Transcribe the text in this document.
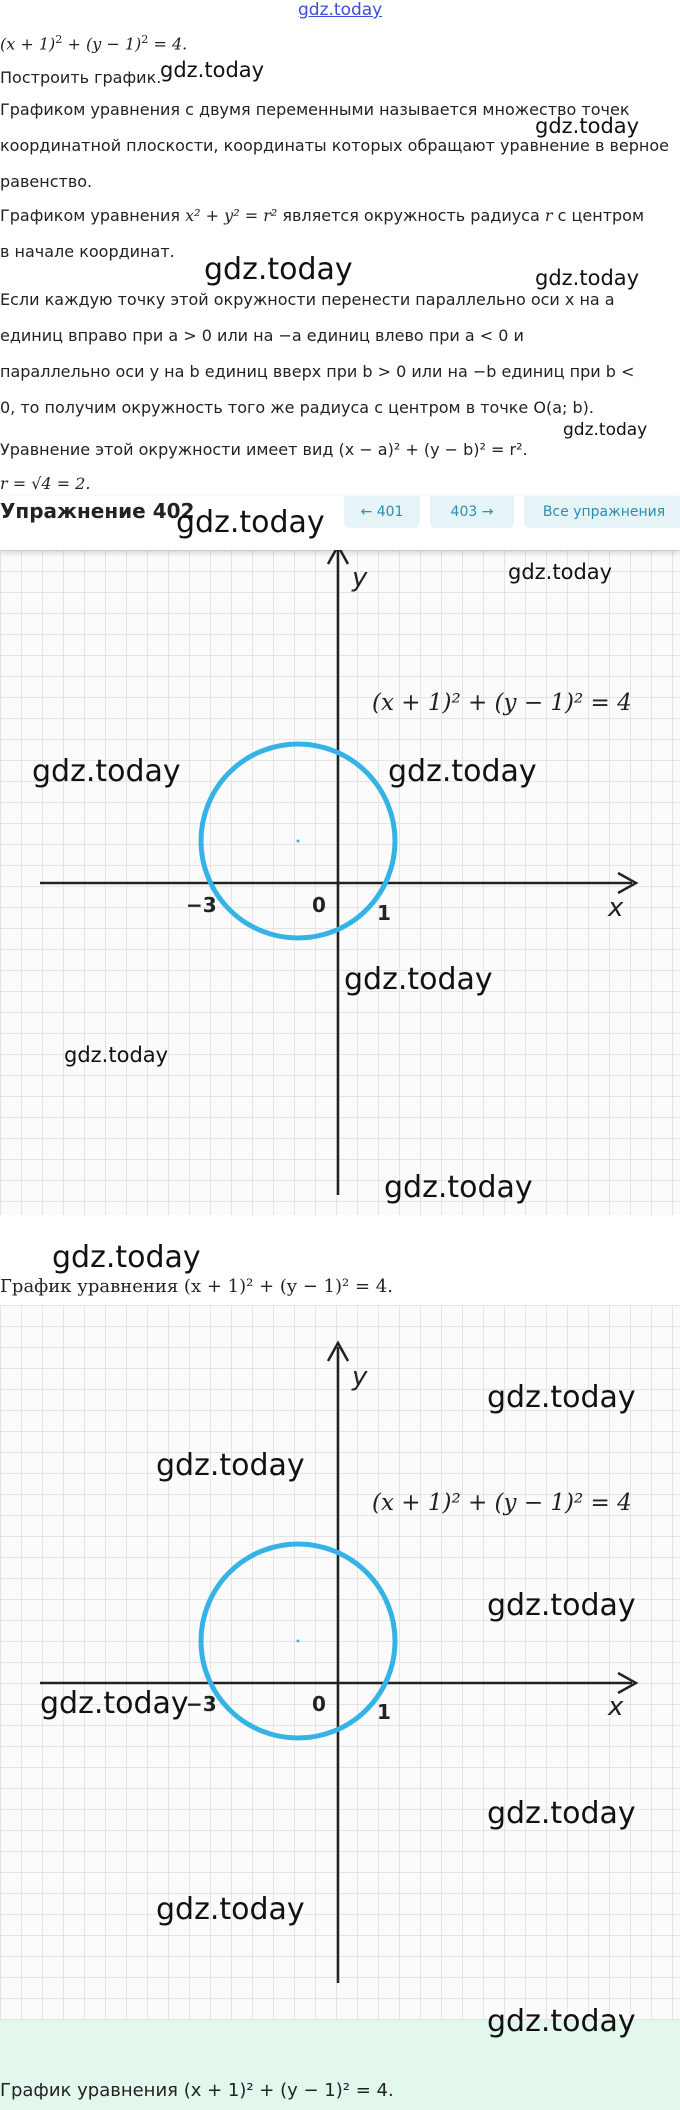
gdz.today
$(x + 1)^2 + (y - 1)^2 = 4$.
Построить график.
Графиком уравнения с двумя переменными называется множество точек
координатной плоскости, координаты которых обращают уравнение в верное
равенство.
Графиком уравнения x² + y² = r² является окружность радиуса r с центром
в начале координат.
Если каждую точку этой окружности перенести параллельно оси x на a
единиц вправо при a > 0 или на −a единиц влево при a < 0 и
параллельно оси y на b единиц вверх при b > 0 или на −b единиц при b <
0, то получим окружность того же радиуса с центром в точке O(a; b).
Уравнение этой окружности имеет вид (x − a)² + (y − b)² = r².
r = √4 = 2.
Упражнение 402	← 401	403 →	Все упражнения
y
x
−3	0	1
(x + 1)² + (y − 1)² = 4
График уравнения (x + 1)² + (y − 1)² = 4.
y
x
−3	0	1
(x + 1)² + (y − 1)² = 4
График уравнения (x + 1)² + (y − 1)² = 4.
gdz.today
gdz.today
gdz.today	gdz.today
gdz.today
gdz.today
gdz.today
gdz.today	gdz.today
gdz.today
gdz.today
gdz.today
gdz.today
gdz.today
gdz.today
gdz.today
gdz.today
gdz.today
gdz.today
gdz.today
